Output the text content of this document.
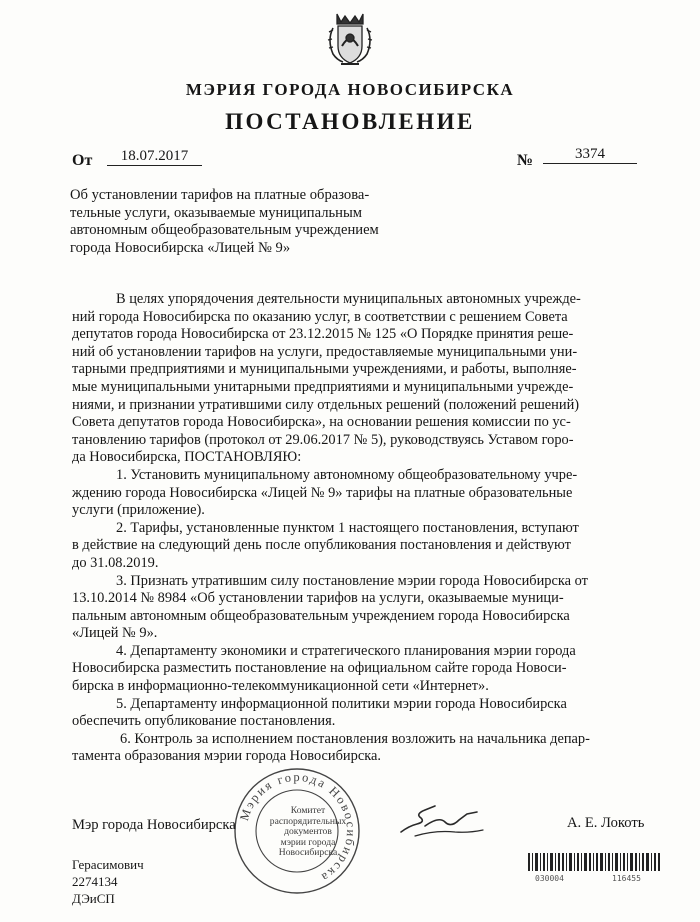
МЭРИЯ ГОРОДА НОВОСИБИРСКА
ПОСТАНОВЛЕНИЕ
От	18.07.2017	№	3374
Об установлении тарифов на платные образова-
тельные услуги, оказываемые муниципальным
автономным общеобразовательным учреждением
города Новосибирска «Лицей № 9»
В целях упорядочения деятельности муниципальных автономных учрежде-
ний города Новосибирска по оказанию услуг, в соответствии с решением Совета
депутатов города Новосибирска от 23.12.2015 № 125 «О Порядке принятия реше-
ний об установлении тарифов на услуги, предоставляемые муниципальными уни-
тарными предприятиями и муниципальными учреждениями, и работы, выполняе-
мые муниципальными унитарными предприятиями и муниципальными учрежде-
ниями, и признании утратившими силу отдельных решений (положений решений)
Совета депутатов города Новосибирска», на основании решения комиссии по ус-
тановлению тарифов (протокол от 29.06.2017 № 5), руководствуясь Уставом горо-
да Новосибирска, ПОСТАНОВЛЯЮ:
1. Установить муниципальному автономному общеобразовательному учре-
ждению города Новосибирска «Лицей № 9» тарифы на платные образовательные
услуги (приложение).
2. Тарифы, установленные пунктом 1 настоящего постановления, вступают
в действие на следующий день после опубликования постановления и действуют
до 31.08.2019.
3. Признать утратившим силу постановление мэрии города Новосибирска от
13.10.2014 № 8984 «Об установлении тарифов на услуги, оказываемые муници-
пальным автономным общеобразовательным учреждением города Новосибирска
«Лицей № 9».
4. Департаменту экономики и стратегического планирования мэрии города
Новосибирска разместить постановление на официальном сайте города Новоси-
бирска в информационно-телекоммуникационной сети «Интернет».
5. Департаменту информационной политики мэрии города Новосибирска
обеспечить опубликование постановления.
6. Контроль за исполнением постановления возложить на начальника депар-
тамента образования мэрии города Новосибирска.
Мэрия города Новосибирска
Комитет
распорядительных
документов
мэрии города
Новосибирска
Мэр города Новосибирска	А. Е. Локоть
Герасимович
2274134
ДЭиСП
030004	116455
